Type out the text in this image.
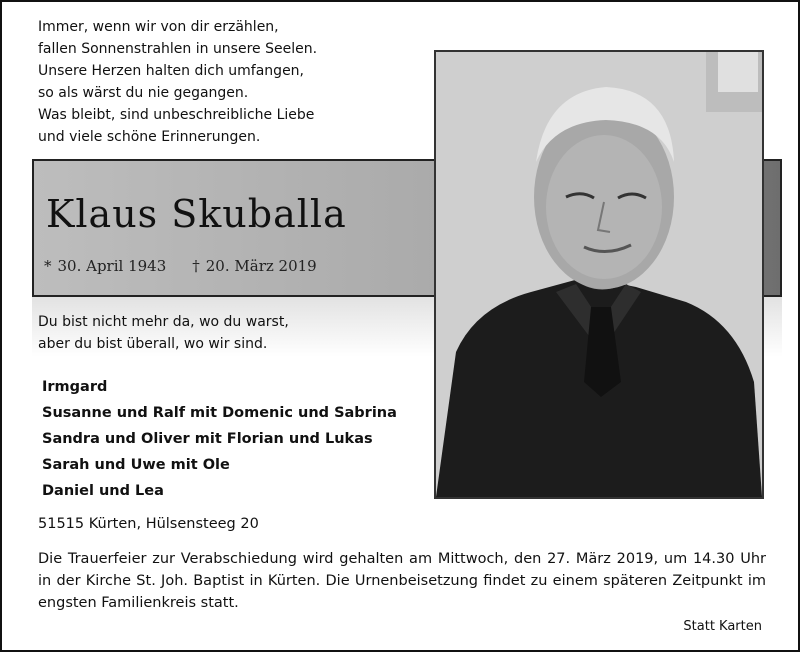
Immer, wenn wir von dir erzählen,
fallen Sonnenstrahlen in unsere Seelen.
Unsere Herzen halten dich umfangen,
so als wärst du nie gegangen.
Was bleibt, sind unbeschreibliche Liebe
und viele schöne Erinnerungen.
Klaus Skuballa
* 30. April 1943 † 20. März 2019
Du bist nicht mehr da, wo du warst,
aber du bist überall, wo wir sind.
Irmgard
Susanne und Ralf mit Domenic und Sabrina
Sandra und Oliver mit Florian und Lukas
Sarah und Uwe mit Ole
Daniel und Lea
51515 Kürten, Hülsensteeg 20
Die Trauerfeier zur Verabschiedung wird gehalten am Mittwoch, den 27. März 2019, um 14.30 Uhr in der Kirche St. Joh. Baptist in Kürten. Die Urnenbeisetzung findet zu einem späteren Zeitpunkt im engsten Familienkreis statt.
Statt Karten
